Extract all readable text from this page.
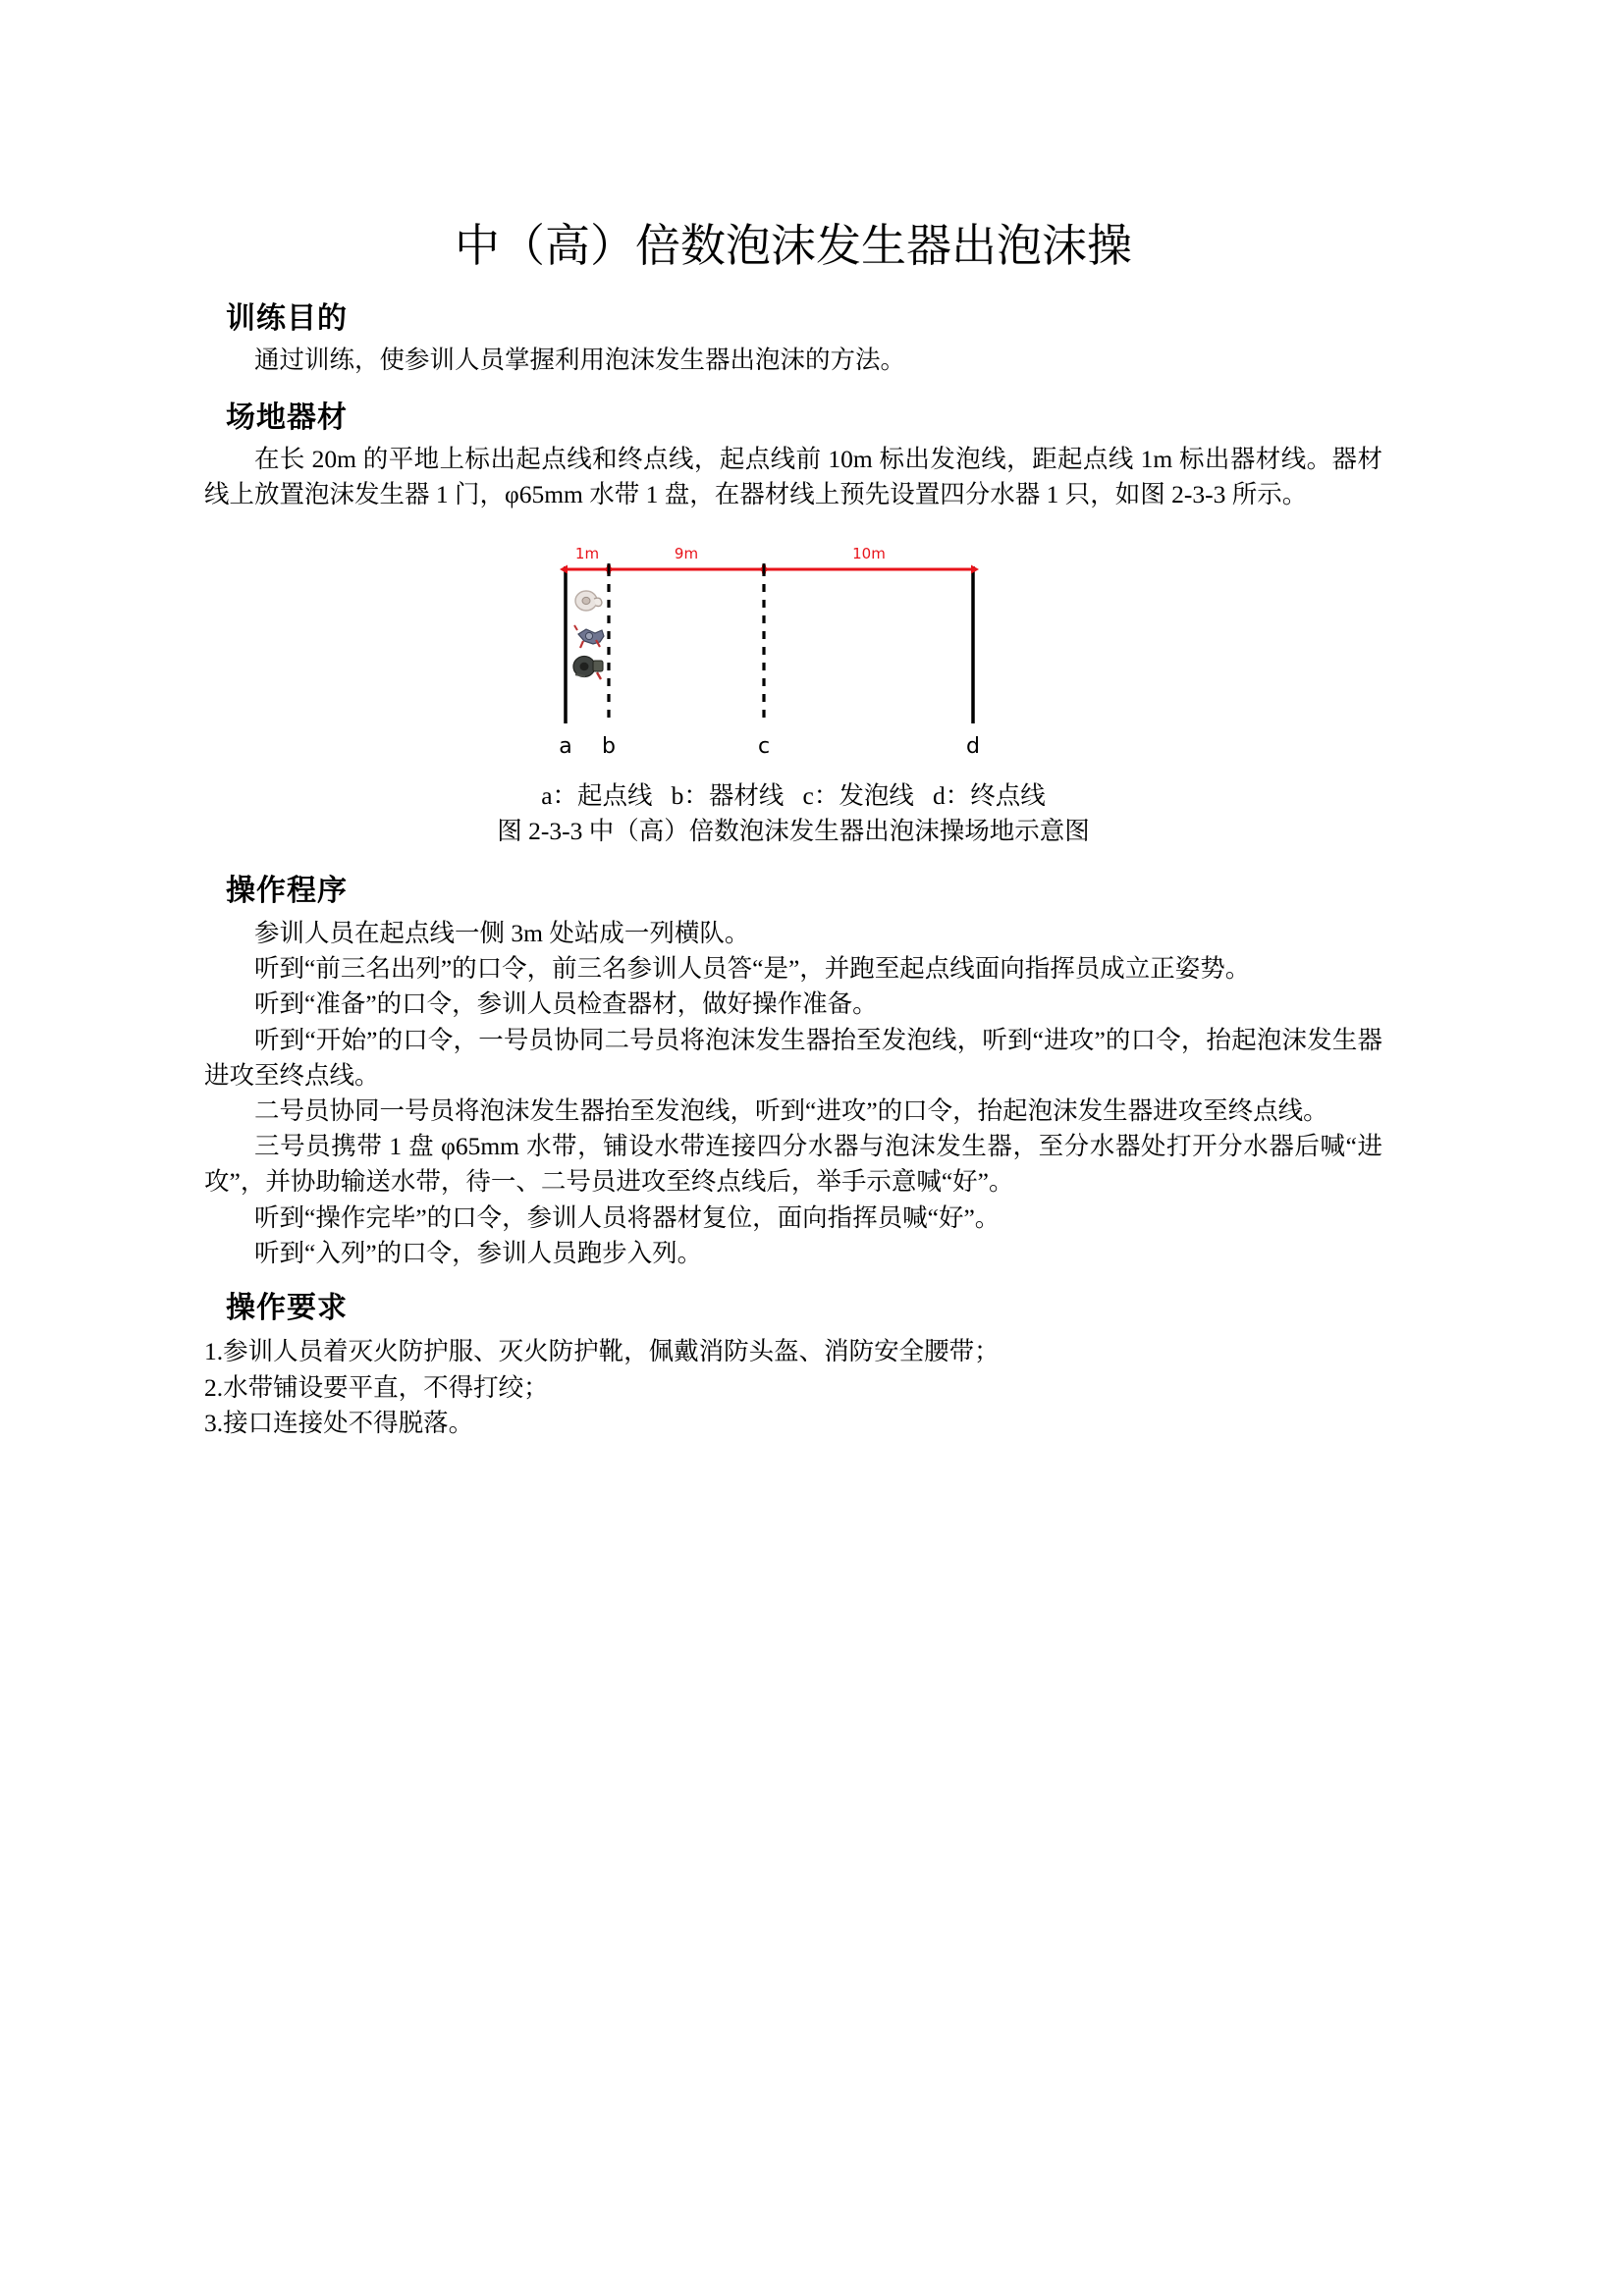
中（高）倍数泡沫发生器出泡沫操
训练目的

通过训练，使参训人员掌握利用泡沫发生器出泡沫的方法。

场地器材

在长 20m 的平地上标出起点线和终点线，起点线前 10m 标出发泡线，距起点线 1m 标出器材线。器材线上放置泡沫发生器 1 门，φ65mm 水带 1 盘，在器材线上预先设置四分水器 1 只，如图 2-3-3 所示。

1m	9m	10m
a b	c	d
a：起点线   b：器材线   c：发泡线   d：终点线
图 2-3-3 中（高）倍数泡沫发生器出泡沫操场地示意图
操作程序

参训人员在起点线一侧 3m 处站成一列横队。

听到“前三名出列”的口令，前三名参训人员答“是”，并跑至起点线面向指挥员成立正姿势。

听到“准备”的口令，参训人员检查器材，做好操作准备。

听到“开始”的口令，一号员协同二号员将泡沫发生器抬至发泡线，听到“进攻”的口令，抬起泡沫发生器进攻至终点线。

二号员协同一号员将泡沫发生器抬至发泡线，听到“进攻”的口令，抬起泡沫发生器进攻至终点线。

三号员携带 1 盘 φ65mm 水带，铺设水带连接四分水器与泡沫发生器，至分水器处打开分水器后喊“进攻”，并协助输送水带，待一、二号员进攻至终点线后，举手示意喊“好”。

听到“操作完毕”的口令，参训人员将器材复位，面向指挥员喊“好”。

听到“入列”的口令，参训人员跑步入列。

操作要求

1.参训人员着灭火防护服、灭火防护靴，佩戴消防头盔、消防安全腰带；

2.水带铺设要平直，不得打绞；

3.接口连接处不得脱落。
